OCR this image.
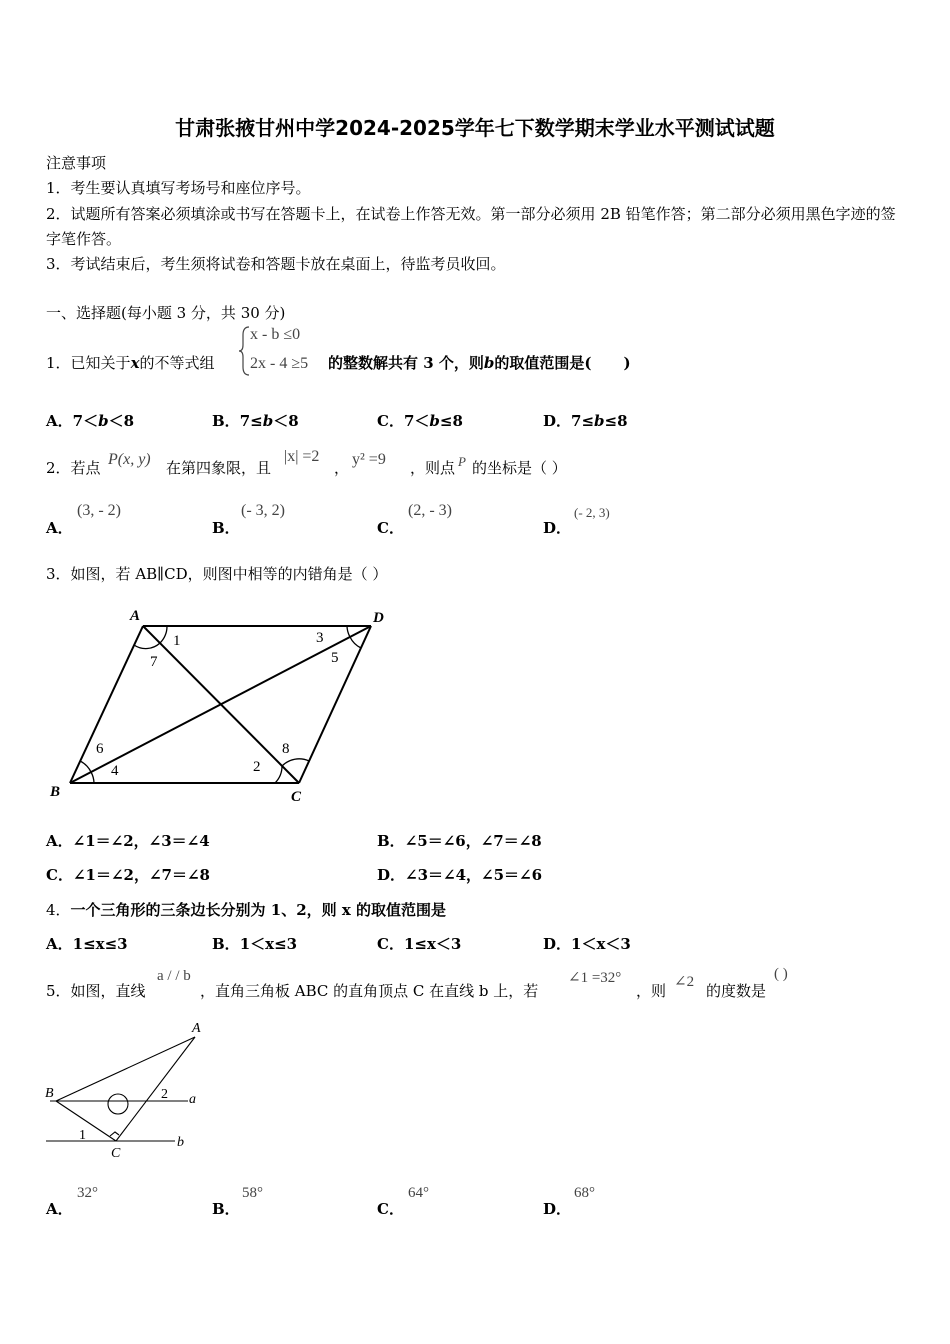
甘肃张掖甘州中学2024-2025学年七下数学期末学业水平测试试题
注意事项
1．考生要认真填写考场号和座位序号。
2．试题所有答案必须填涂或书写在答题卡上，在试卷上作答无效。第一部分必须用 2B 铅笔作答；第二部分必须用黑色字迹的签字笔作答。
3．考试结束后，考生须将试卷和答题卡放在桌面上，待监考员收回。
一、选择题(每小题 3 分，共 30 分)
1．已知关于x的不等式组
x - b ≤0
2x - 4 ≥5 的整数解共有 3 个，则b的取值范围是( )
A．7＜b＜8	B．7≤b＜8	C．7＜b≤8	D．7≤b≤8
2．若点 P(x, y) 在第四象限，且
|x| =2
， y² =9 ，则点 P 的坐标是（ ）
A．
(3, - 2)
B．
(- 3, 2)
C．
(2, - 3)
D．
(- 2, 3)
3．如图，若 AB∥CD，则图中相等的内错角是（ ）
A	D
B	C
1
2
3
4
5
6
7
8
A．∠1＝∠2，∠3＝∠4	B．∠5＝∠6，∠7＝∠8
C．∠1＝∠2，∠7＝∠8	D．∠3＝∠4，∠5＝∠6
4．一个三角形的三条边长分别为 1、2，则 x 的取值范围是
A．1≤x≤3	B．1＜x≤3	C．1≤x＜3	D．1＜x＜3
5．如图，直线
a / / b
，直角三角板 ABC 的直角顶点 C 在直线 b 上，若
∠1 =32°
，则 ∠2 的度数是
( )
A
B
C
a
b
1
2
A．
32°
B．
58°
C．
64°
D．
68°
